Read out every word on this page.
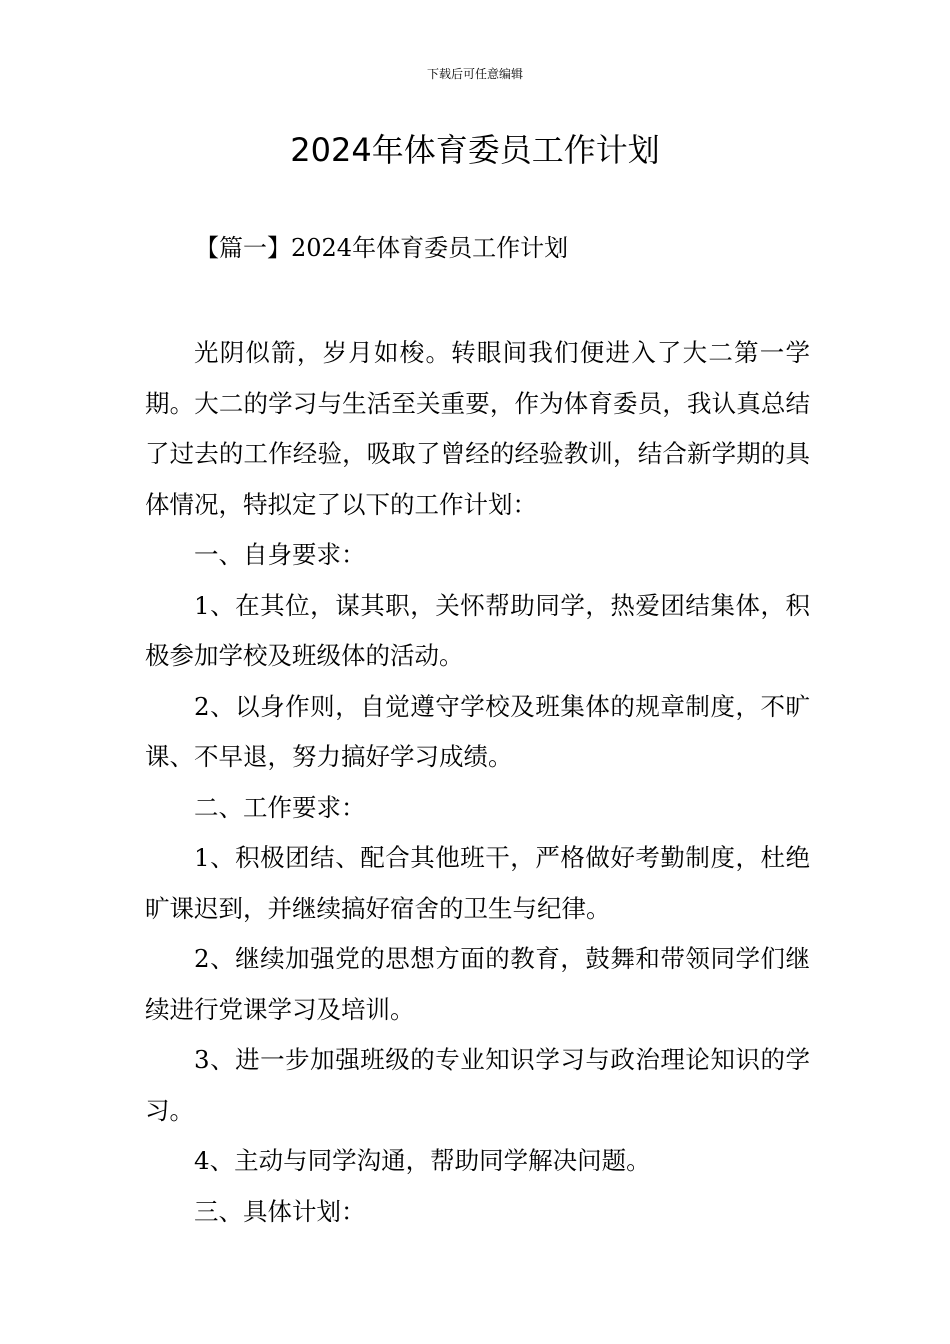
下载后可任意编辑
2024年体育委员工作计划
【篇一】2024年体育委员工作计划

光阴似箭，岁月如梭。转眼间我们便进入了大二第一学期。大二的学习与生活至关重要，作为体育委员，我认真总结了过去的工作经验，吸取了曾经的经验教训，结合新学期的具体情况，特拟定了以下的工作计划：

一、自身要求：

1、在其位，谋其职，关怀帮助同学，热爱团结集体，积极参加学校及班级体的活动。

2、以身作则，自觉遵守学校及班集体的规章制度，不旷课、不早退，努力搞好学习成绩。

二、工作要求：

1、积极团结、配合其他班干，严格做好考勤制度，杜绝旷课迟到，并继续搞好宿舍的卫生与纪律。

2、继续加强党的思想方面的教育，鼓舞和带领同学们继续进行党课学习及培训。

3、进一步加强班级的专业知识学习与政治理论知识的学习。

4、主动与同学沟通，帮助同学解决问题。

三、具体计划：
